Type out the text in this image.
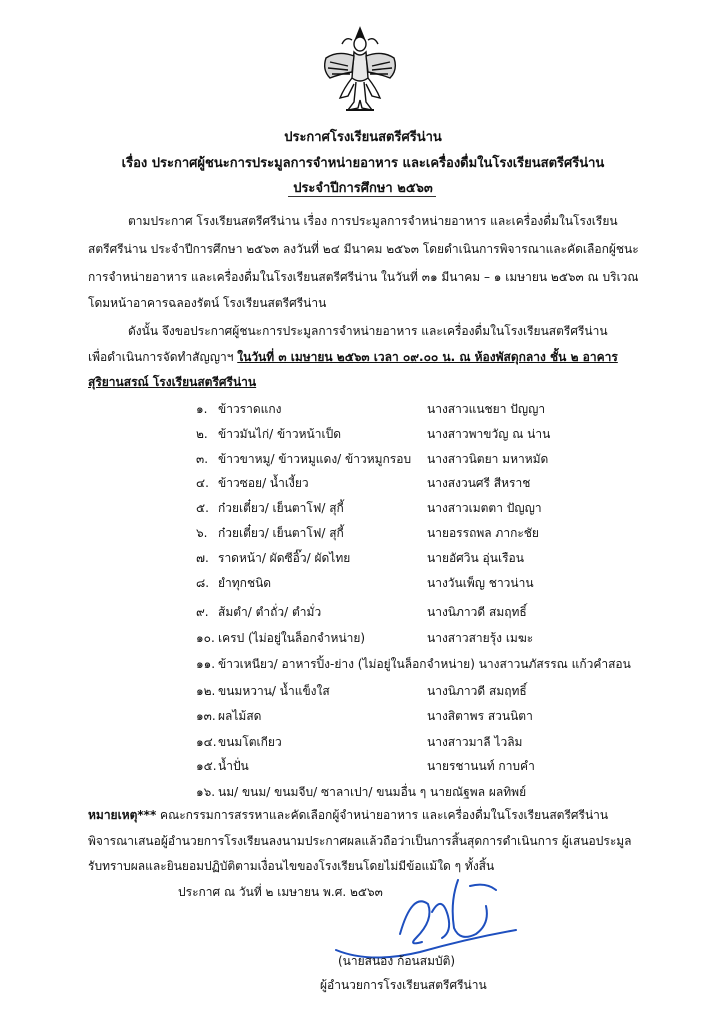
ประกาศโรงเรียนสตรีศรีน่าน
เรื่อง ประกาศผู้ชนะการประมูลการจำหน่ายอาหาร และเครื่องดื่มในโรงเรียนสตรีศรีน่าน
ประจำปีการศึกษา ๒๕๖๓
ตามประกาศ โรงเรียนสตรีศรีน่าน เรื่อง การประมูลการจำหน่ายอาหาร และเครื่องดื่มในโรงเรียน
สตรีศรีน่าน ประจำปีการศึกษา ๒๕๖๓ ลงวันที่ ๒๔ มีนาคม ๒๕๖๓ โดยดำเนินการพิจารณาและคัดเลือกผู้ชนะ
การจำหน่ายอาหาร และเครื่องดื่มในโรงเรียนสตรีศรีน่าน ในวันที่ ๓๑ มีนาคม – ๑ เมษายน ๒๕๖๓ ณ บริเวณ
โดมหน้าอาคารฉลองรัตน์ โรงเรียนสตรีศรีน่าน
ดังนั้น จึงขอประกาศผู้ชนะการประมูลการจำหน่ายอาหาร และเครื่องดื่มในโรงเรียนสตรีศรีน่าน
เพื่อดำเนินการจัดทำสัญญาฯ ในวันที่ ๓ เมษายน ๒๕๖๓ เวลา ๐๙.๐๐ น. ณ ห้องพัสดุกลาง ชั้น ๒ อาคาร
สุริยานสรณ์ โรงเรียนสตรีศรีน่าน
๑. ข้าวราดแกง	นางสาวแนชยา ปัญญา
๒. ข้าวมันไก่/ ข้าวหน้าเป็ด	นางสาวพาขวัญ ณ น่าน
๓. ข้าวขาหมู/ ข้าวหมูแดง/ ข้าวหมูกรอบ นางสาวนิตยา มหาหมัด
๔. ข้าวซอย/ น้ำเงี้ยว	นางสงวนศรี สีหราช
๕. ก๋วยเตี๋ยว/ เย็นตาโฟ/ สุกี้	นางสาวเมตตา ปัญญา
๖. ก๋วยเตี๋ยว/ เย็นตาโฟ/ สุกี้	นายอรรถพล ภากะชัย
๗. ราดหน้า/ ผัดซีอิ๊ว/ ผัดไทย	นายอัศวิน อุ่นเรือน
๘. ยำทุกชนิด	นางวันเพ็ญ ชาวน่าน
๙. ส้มตำ/ ตำถั่ว/ ตำมั่ว	นางนิภาวดี สมฤทธิ์
๑๐. เครป (ไม่อยู่ในล็อกจำหน่าย)	นางสาวสายรุ้ง เมฆะ
๑๑. ข้าวเหนียว/ อาหารปิ้ง-ย่าง (ไม่อยู่ในล็อกจำหน่าย) นางสาวนภัสรรณ แก้วคำสอน
๑๒. ขนมหวาน/ น้ำแข็งใส	นางนิภาวดี สมฤทธิ์
๑๓. ผลไม้สด	นางสิตาพร สวนนิตา
๑๔. ขนมโตเกียว	นางสาวมาลี ไวลิม
๑๕. น้ำปั่น	นายรชานนท์ กาบคำ
๑๖. นม/ ขนม/ ขนมจีบ/ ซาลาเปา/ ขนมอื่น ๆ นายณัฐพล ผลทิพย์
หมายเหตุ*** คณะกรรมการสรรหาและคัดเลือกผู้จำหน่ายอาหาร และเครื่องดื่มในโรงเรียนสตรีศรีน่าน
พิจารณาเสนอผู้อำนวยการโรงเรียนลงนามประกาศผลแล้วถือว่าเป็นการสิ้นสุดการดำเนินการ ผู้เสนอประมูล
รับทราบผลและยินยอมปฏิบัติตามเงื่อนไขของโรงเรียนโดยไม่มีข้อแม้ใด ๆ ทั้งสิ้น
ประกาศ ณ วันที่ ๒ เมษายน พ.ศ. ๒๕๖๓
(นายสนอง ก้อนสมบัติ)
ผู้อำนวยการโรงเรียนสตรีศรีน่าน
